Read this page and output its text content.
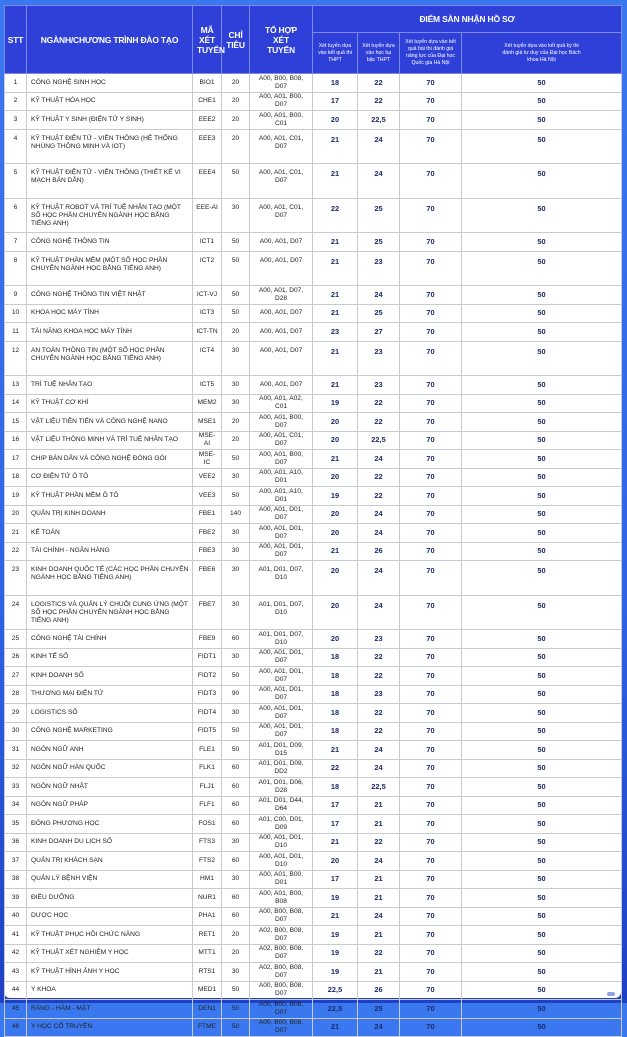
STT	NGÀNH/CHƯƠNG TRÌNH ĐÀO TẠO	MÃ XÉT TUYỂN	CHỈ TIÊU	TỔ HỢP XÉT TUYỂN	ĐIỂM SÀN NHẬN HỒ SƠ			
					Xét tuyển dựa vào kết quả thi THPT	Xét tuyển dựa vào học bạ bậc THPT	Xét tuyển dựa vào kết quả bài thi đánh giá năng lực của Đại học Quốc gia Hà Nội	Xét tuyển dựa vào kết quả kỳ thi đánh giá tư duy của Đại học Bách khoa Hà Nội
1	CÔNG NGHỆ SINH HỌC	BIO1	20	A00, B00, B08, D07	18	22	70	50
2	KỸ THUẬT HÓA HỌC	CHE1	20	A00, A01, B00, D07	17	22	70	50
3	KỸ THUẬT Y SINH (ĐIỆN TỬ Y SINH)	EEE2	20	A00, A01, B00, C01	20	22,5	70	50
4	KỸ THUẬT ĐIỆN TỬ - VIỄN THÔNG (HỆ THỐNG NHÚNG THÔNG MINH VÀ IOT)	EEE3	20	A00, A01, C01, D07	21	24	70	50
5	KỸ THUẬT ĐIỆN TỬ - VIỄN THÔNG (THIẾT KẾ VI MẠCH BÁN DẪN)	EEE4	50	A00, A01, C01, D07	21	24	70	50
6	KỸ THUẬT ROBOT VÀ TRÍ TUỆ NHÂN TẠO (MỘT SỐ HỌC PHẦN CHUYÊN NGÀNH HỌC BẰNG TIẾNG ANH)	EEE-AI	30	A00, A01, C01, D07	22	25	70	50
7	CÔNG NGHỆ THÔNG TIN	ICT1	50	A00, A01, D07	21	25	70	50
8	KỸ THUẬT PHẦN MỀM (MỘT SỐ HỌC PHẦN CHUYÊN NGÀNH HỌC BẰNG TIẾNG ANH)	ICT2	50	A00, A01, D07	21	23	70	50
9	CÔNG NGHỆ THÔNG TIN VIỆT NHẬT	ICT-VJ	50	A00, A01, D07, D28	21	24	70	50
10	KHOA HỌC MÁY TÍNH	ICT3	50	A00, A01, D07	21	25	70	50
11	TÀI NĂNG KHOA HỌC MÁY TÍNH	ICT-TN	20	A00, A01, D07	23	27	70	50
12	AN TOÀN THÔNG TIN (MỘT SỐ HỌC PHẦN CHUYÊN NGÀNH HỌC BẰNG TIẾNG ANH)	ICT4	30	A00, A01, D07	21	23	70	50
13	TRÍ TUỆ NHÂN TẠO	ICT5	30	A00, A01, D07	21	23	70	50
14	KỸ THUẬT CƠ KHÍ	MEM2	30	A00, A01, A02, C01	19	22	70	50
15	VẬT LIỆU TIÊN TIẾN VÀ CÔNG NGHỆ NANO	MSE1	20	A00, A01, B00, D07	20	22	70	50
16	VẬT LIỆU THÔNG MINH VÀ TRÍ TUỆ NHÂN TẠO	MSE-AI	20	A00, A01, C01, D07	20	22,5	70	50
17	CHIP BÁN DẪN VÀ CÔNG NGHỆ ĐÓNG GÓI	MSE-IC	50	A00, A01, B00, D07	21	24	70	50
18	CƠ ĐIỆN TỬ Ô TÔ	VEE2	30	A00, A01, A10, D01	20	22	70	50
19	KỸ THUẬT PHẦN MỀM Ô TÔ	VEE3	50	A00, A01, A10, D01	19	22	70	50
20	QUẢN TRỊ KINH DOANH	FBE1	140	A00, A01, D01, D07	20	24	70	50
21	KẾ TOÁN	FBE2	30	A00, A01, D01, D07	20	24	70	50
22	TÀI CHÍNH - NGÂN HÀNG	FBE3	30	A00, A01, D01, D07	21	26	70	50
23	KINH DOANH QUỐC TẾ (CÁC HỌC PHẦN CHUYÊN NGÀNH HỌC BẰNG TIẾNG ANH)	FBE6	30	A01, D01, D07, D10	20	24	70	50
24	LOGISTICS VÀ QUẢN LÝ CHUỖI CUNG ỨNG (MỘT SỐ HỌC PHẦN CHUYÊN NGÀNH HỌC BẰNG TIẾNG ANH)	FBE7	30	A01, D01, D07, D10	20	24	70	50
25	CÔNG NGHỆ TÀI CHÍNH	FBE9	60	A01, D01, D07, D10	20	23	70	50
26	KINH TẾ SỐ	FIDT1	30	A00, A01, D01, D07	18	22	70	50
27	KINH DOANH SỐ	FIDT2	50	A00, A01, D01, D07	18	22	70	50
28	THƯƠNG MẠI ĐIỆN TỬ	FIDT3	90	A00, A01, D01, D07	18	23	70	50
29	LOGISTICS SỐ	FIDT4	30	A00, A01, D01, D07	18	22	70	50
30	CÔNG NGHỆ MARKETING	FIDT5	50	A00, A01, D01, D07	18	22	70	50
31	NGÔN NGỮ ANH	FLE1	50	A01, D01, D09, D15	21	24	70	50
32	NGÔN NGỮ HÀN QUỐC	FLK1	60	A01, D01, D09, DD2	22	24	70	50
33	NGÔN NGỮ NHẬT	FLJ1	60	A01, D01, D06, D28	18	22,5	70	50
34	NGÔN NGỮ PHÁP	FLF1	60	A01, D01, D44, D64	17	21	70	50
35	ĐÔNG PHƯƠNG HỌC	FOS1	60	A01, C00, D01, D09	17	21	70	50
36	KINH DOANH DU LỊCH SỐ	FTS3	30	A00, A01, D01, D10	21	22	70	50
37	QUẢN TRỊ KHÁCH SẠN	FTS2	60	A00, A01, D01, D10	20	24	70	50
38	QUẢN LÝ BỆNH VIỆN	HM1	30	A00, A01, B00, D01	17	21	70	50
39	ĐIỀU DƯỠNG	NUR1	60	A00, A01, B00, B08	19	21	70	50
40	DƯỢC HỌC	PHA1	60	A00, B00, B08, D07	21	24	70	50
41	KỸ THUẬT PHỤC HỒI CHỨC NĂNG	RET1	20	A02, B00, B08, D07	19	21	70	50
42	KỸ THUẬT XÉT NGHIỆM Y HỌC	MTT1	20	A02, B00, B08, D07	19	22	70	50
43	KỸ THUẬT HÌNH ẢNH Y HỌC	RTS1	30	A02, B00, B08, D07	19	21	70	50
44	Y KHOA	MED1	50	A00, B00, B08, D07	22,5	26	70	50
45	RĂNG - HÀM - MẶT	DEN1	50	A00, B00, B08, D07	22,5	25	70	50
46	Y HỌC CỔ TRUYỀN	FTME	50	A00, B00, B08, D07	21	24	70	50
